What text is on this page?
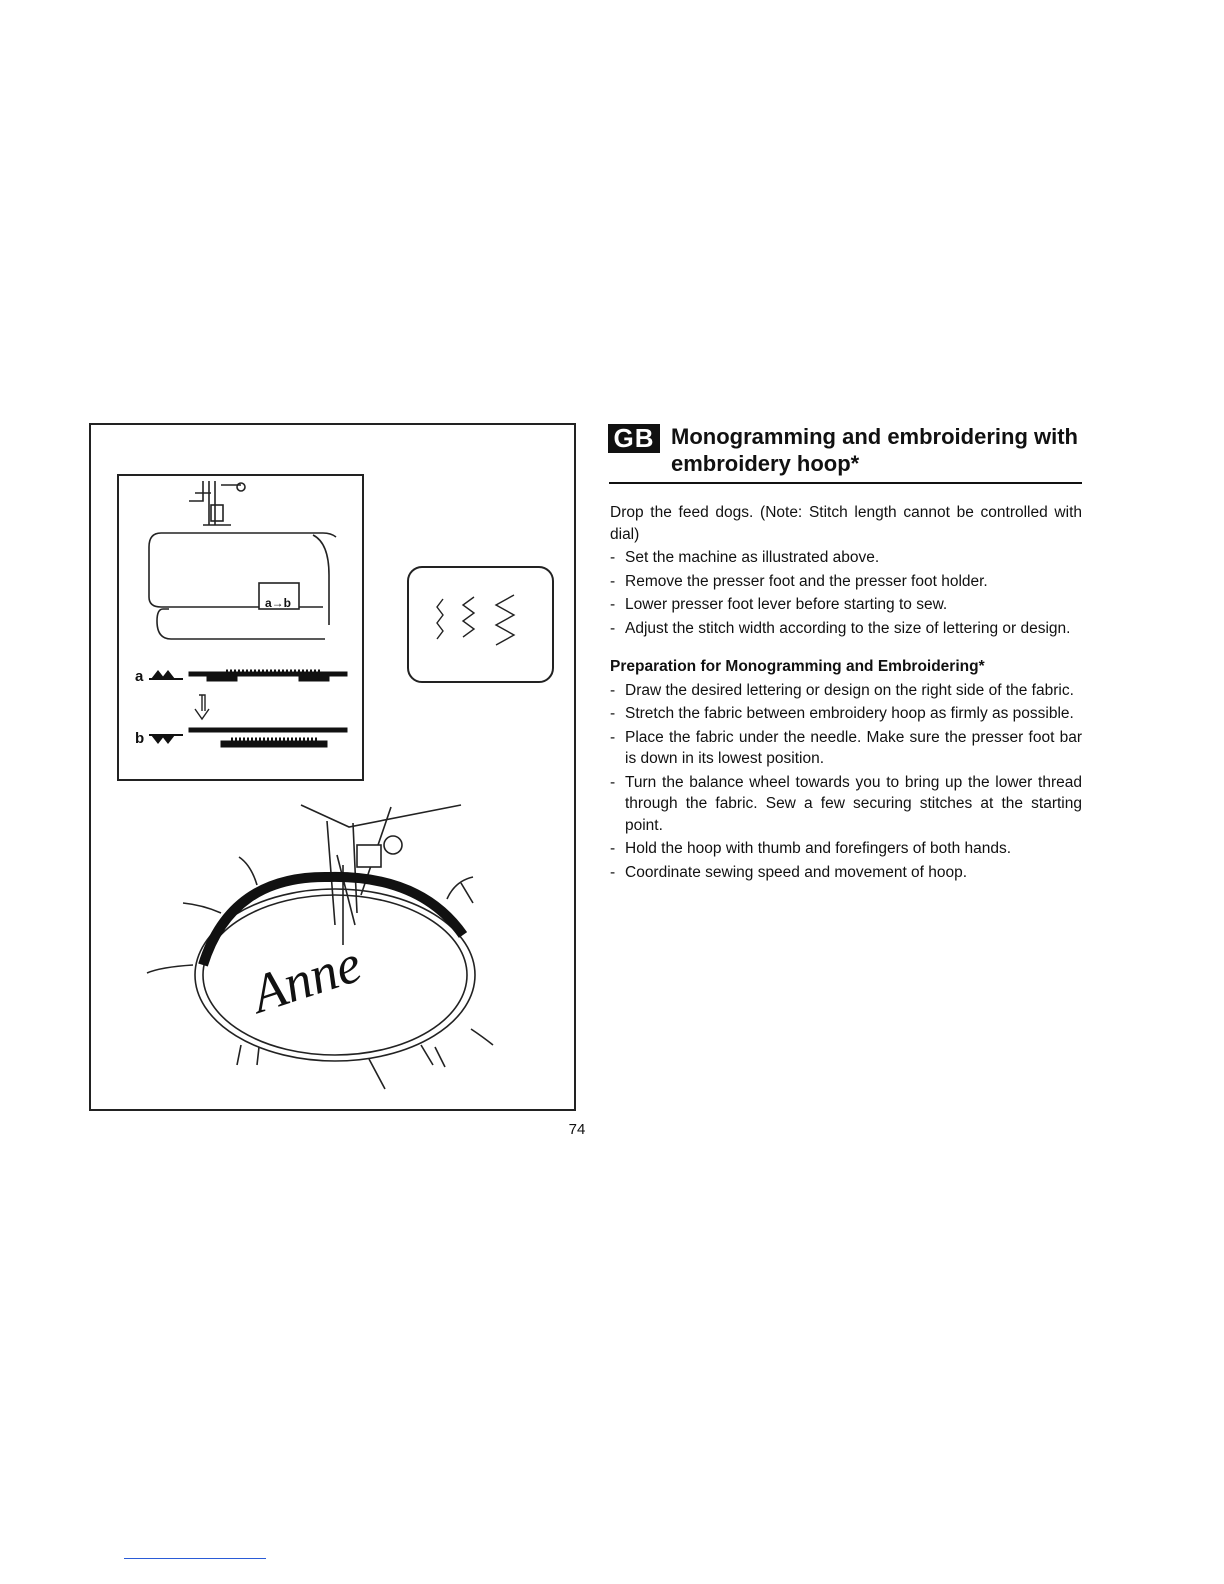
a→b
a
b
Anne
GB Monogramming and embroidering with embroidery hoop*

Drop the feed dogs. (Note: Stitch length cannot be controlled with dial)

- Set the machine as illustrated above.
- Remove the presser foot and the presser foot holder.
- Lower presser foot lever before starting to sew.
- Adjust the stitch width according to the size of lettering or design.

Preparation for Monogramming and Embroidering*

- Draw the desired lettering or design on the right side of the fabric.
- Stretch the fabric between embroidery hoop as firmly as possible.
- Place the fabric under the needle. Make sure the presser foot bar is down in its lowest position.
- Turn the balance wheel towards you to bring up the lower thread through the fabric. Sew a few securing stitches at the starting point.
- Hold the hoop with thumb and forefingers of both hands.
- Coordinate sewing speed and movement of hoop.
74
